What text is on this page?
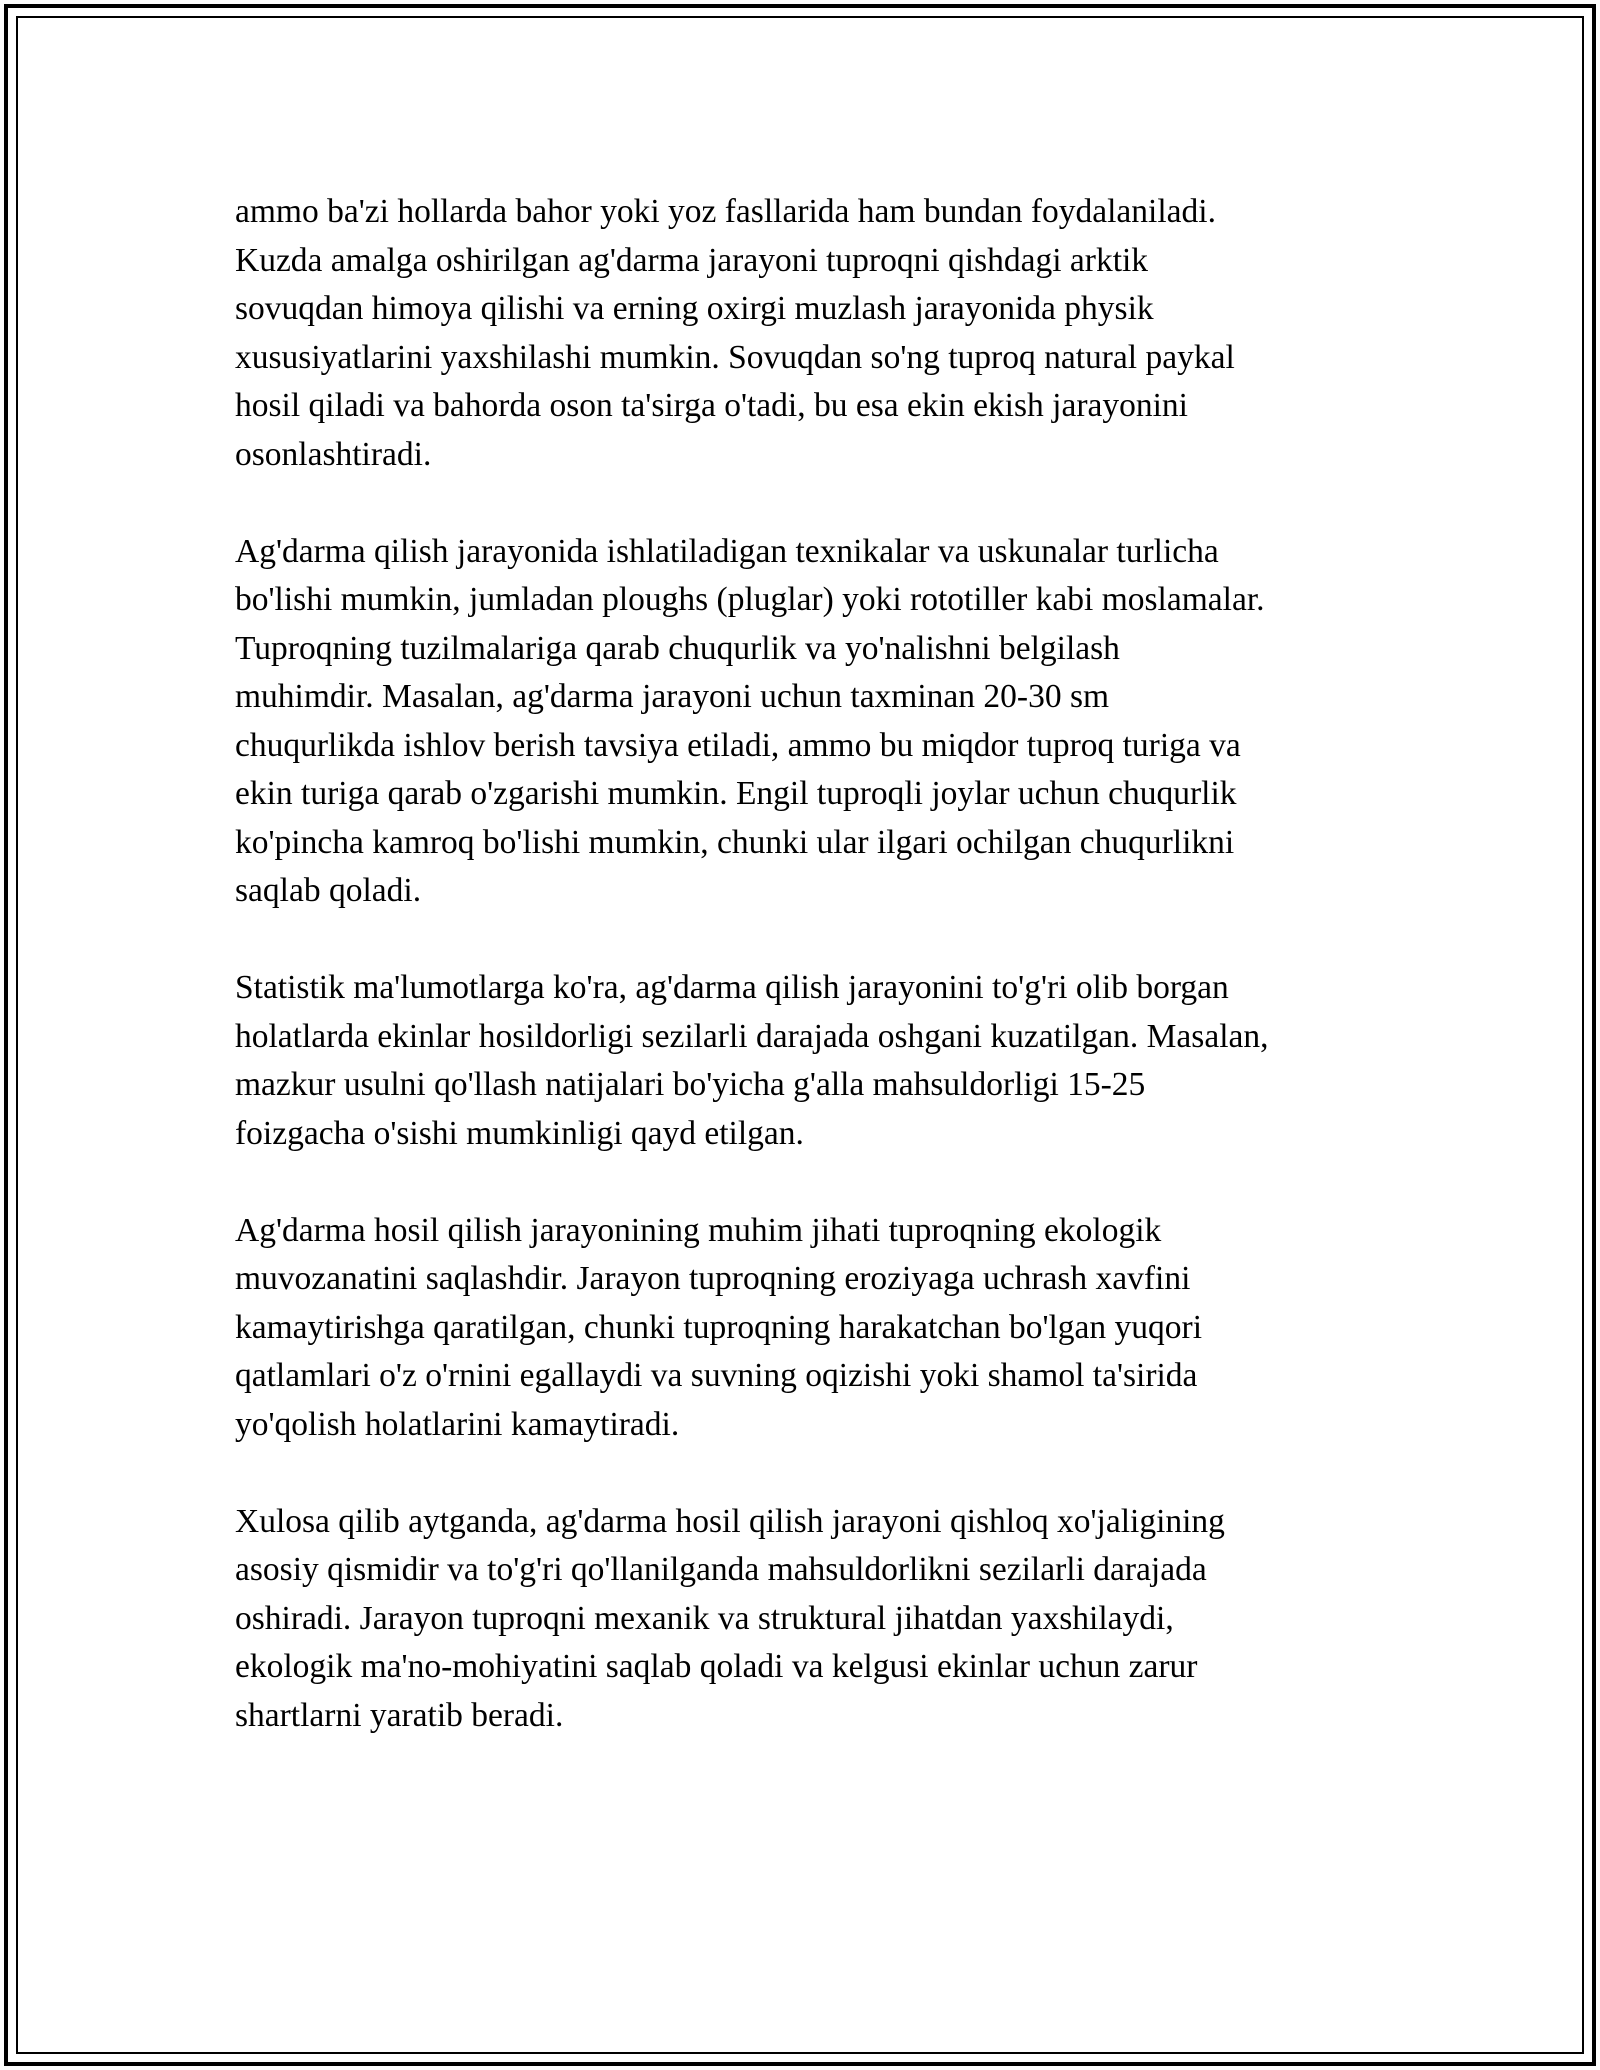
ammo ba'zi hollarda bahor yoki yoz fasllarida ham bundan foydalaniladi.
Kuzda amalga oshirilgan ag'darma jarayoni tuproqni qishdagi arktik
sovuqdan himoya qilishi va erning oxirgi muzlash jarayonida physik
xususiyatlarini yaxshilashi mumkin. Sovuqdan so'ng tuproq natural paykal
hosil qiladi va bahorda oson ta'sirga o'tadi, bu esa ekin ekish jarayonini
osonlashtiradi.

Ag'darma qilish jarayonida ishlatiladigan texnikalar va uskunalar turlicha
bo'lishi mumkin, jumladan ploughs (pluglar) yoki rototiller kabi moslamalar.
Tuproqning tuzilmalariga qarab chuqurlik va yo'nalishni belgilash
muhimdir. Masalan, ag'darma jarayoni uchun taxminan 20-30 sm
chuqurlikda ishlov berish tavsiya etiladi, ammo bu miqdor tuproq turiga va
ekin turiga qarab o'zgarishi mumkin. Engil tuproqli joylar uchun chuqurlik
ko'pincha kamroq bo'lishi mumkin, chunki ular ilgari ochilgan chuqurlikni
saqlab qoladi.

Statistik ma'lumotlarga ko'ra, ag'darma qilish jarayonini to'g'ri olib borgan
holatlarda ekinlar hosildorligi sezilarli darajada oshgani kuzatilgan. Masalan,
mazkur usulni qo'llash natijalari bo'yicha g'alla mahsuldorligi 15-25
foizgacha o'sishi mumkinligi qayd etilgan.

Ag'darma hosil qilish jarayonining muhim jihati tuproqning ekologik
muvozanatini saqlashdir. Jarayon tuproqning eroziyaga uchrash xavfini
kamaytirishga qaratilgan, chunki tuproqning harakatchan bo'lgan yuqori
qatlamlari o'z o'rnini egallaydi va suvning oqizishi yoki shamol ta'sirida
yo'qolish holatlarini kamaytiradi.

Xulosa qilib aytganda, ag'darma hosil qilish jarayoni qishloq xo'jaligining
asosiy qismidir va to'g'ri qo'llanilganda mahsuldorlikni sezilarli darajada
oshiradi. Jarayon tuproqni mexanik va struktural jihatdan yaxshilaydi,
ekologik ma'no-mohiyatini saqlab qoladi va kelgusi ekinlar uchun zarur
shartlarni yaratib beradi.
